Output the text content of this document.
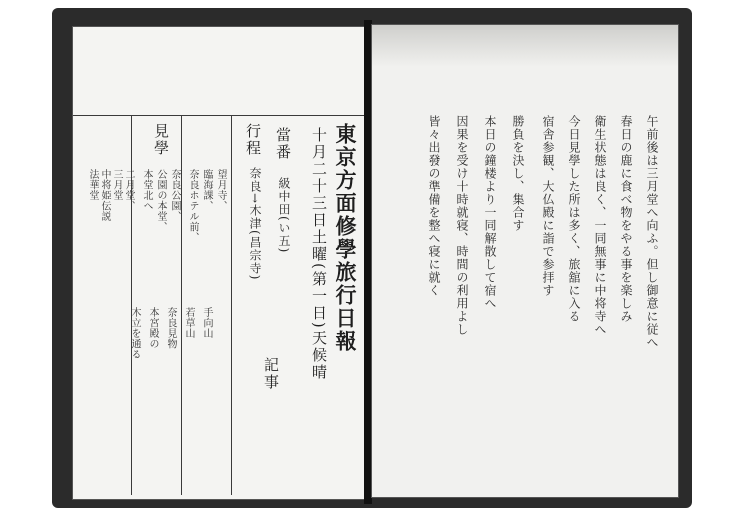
東京方面修學旅行日報
十月二十三日土曜(第一日)天候晴
當番
級中田(い五)
行程
奈良→木津(昌宗寺)
見學
記事
望月寺、
臨海課、
奈良ホテル前、
奈良公園、
公園の本堂、
本堂北へ
二月堂、
三月堂
中将姫伝説
法華堂
手向山
若草山
奈良見物
本宮殿の
木立を通る	午前後は三月堂へ向ふ。但し御意に従へ
春日の鹿に食べ物をやる事を楽しみ
衛生状態は良く、一同無事に中将寺へ
今日見學した所は多く、旅舘に入る
宿舎参観、大仏殿に詣で参拝す
勝負を決し、集合す
本日の鐘楼より一同解散して宿へ
因果を受け十時就寝、時間の利用よし
皆々出發の準備を整へ寝に就く
